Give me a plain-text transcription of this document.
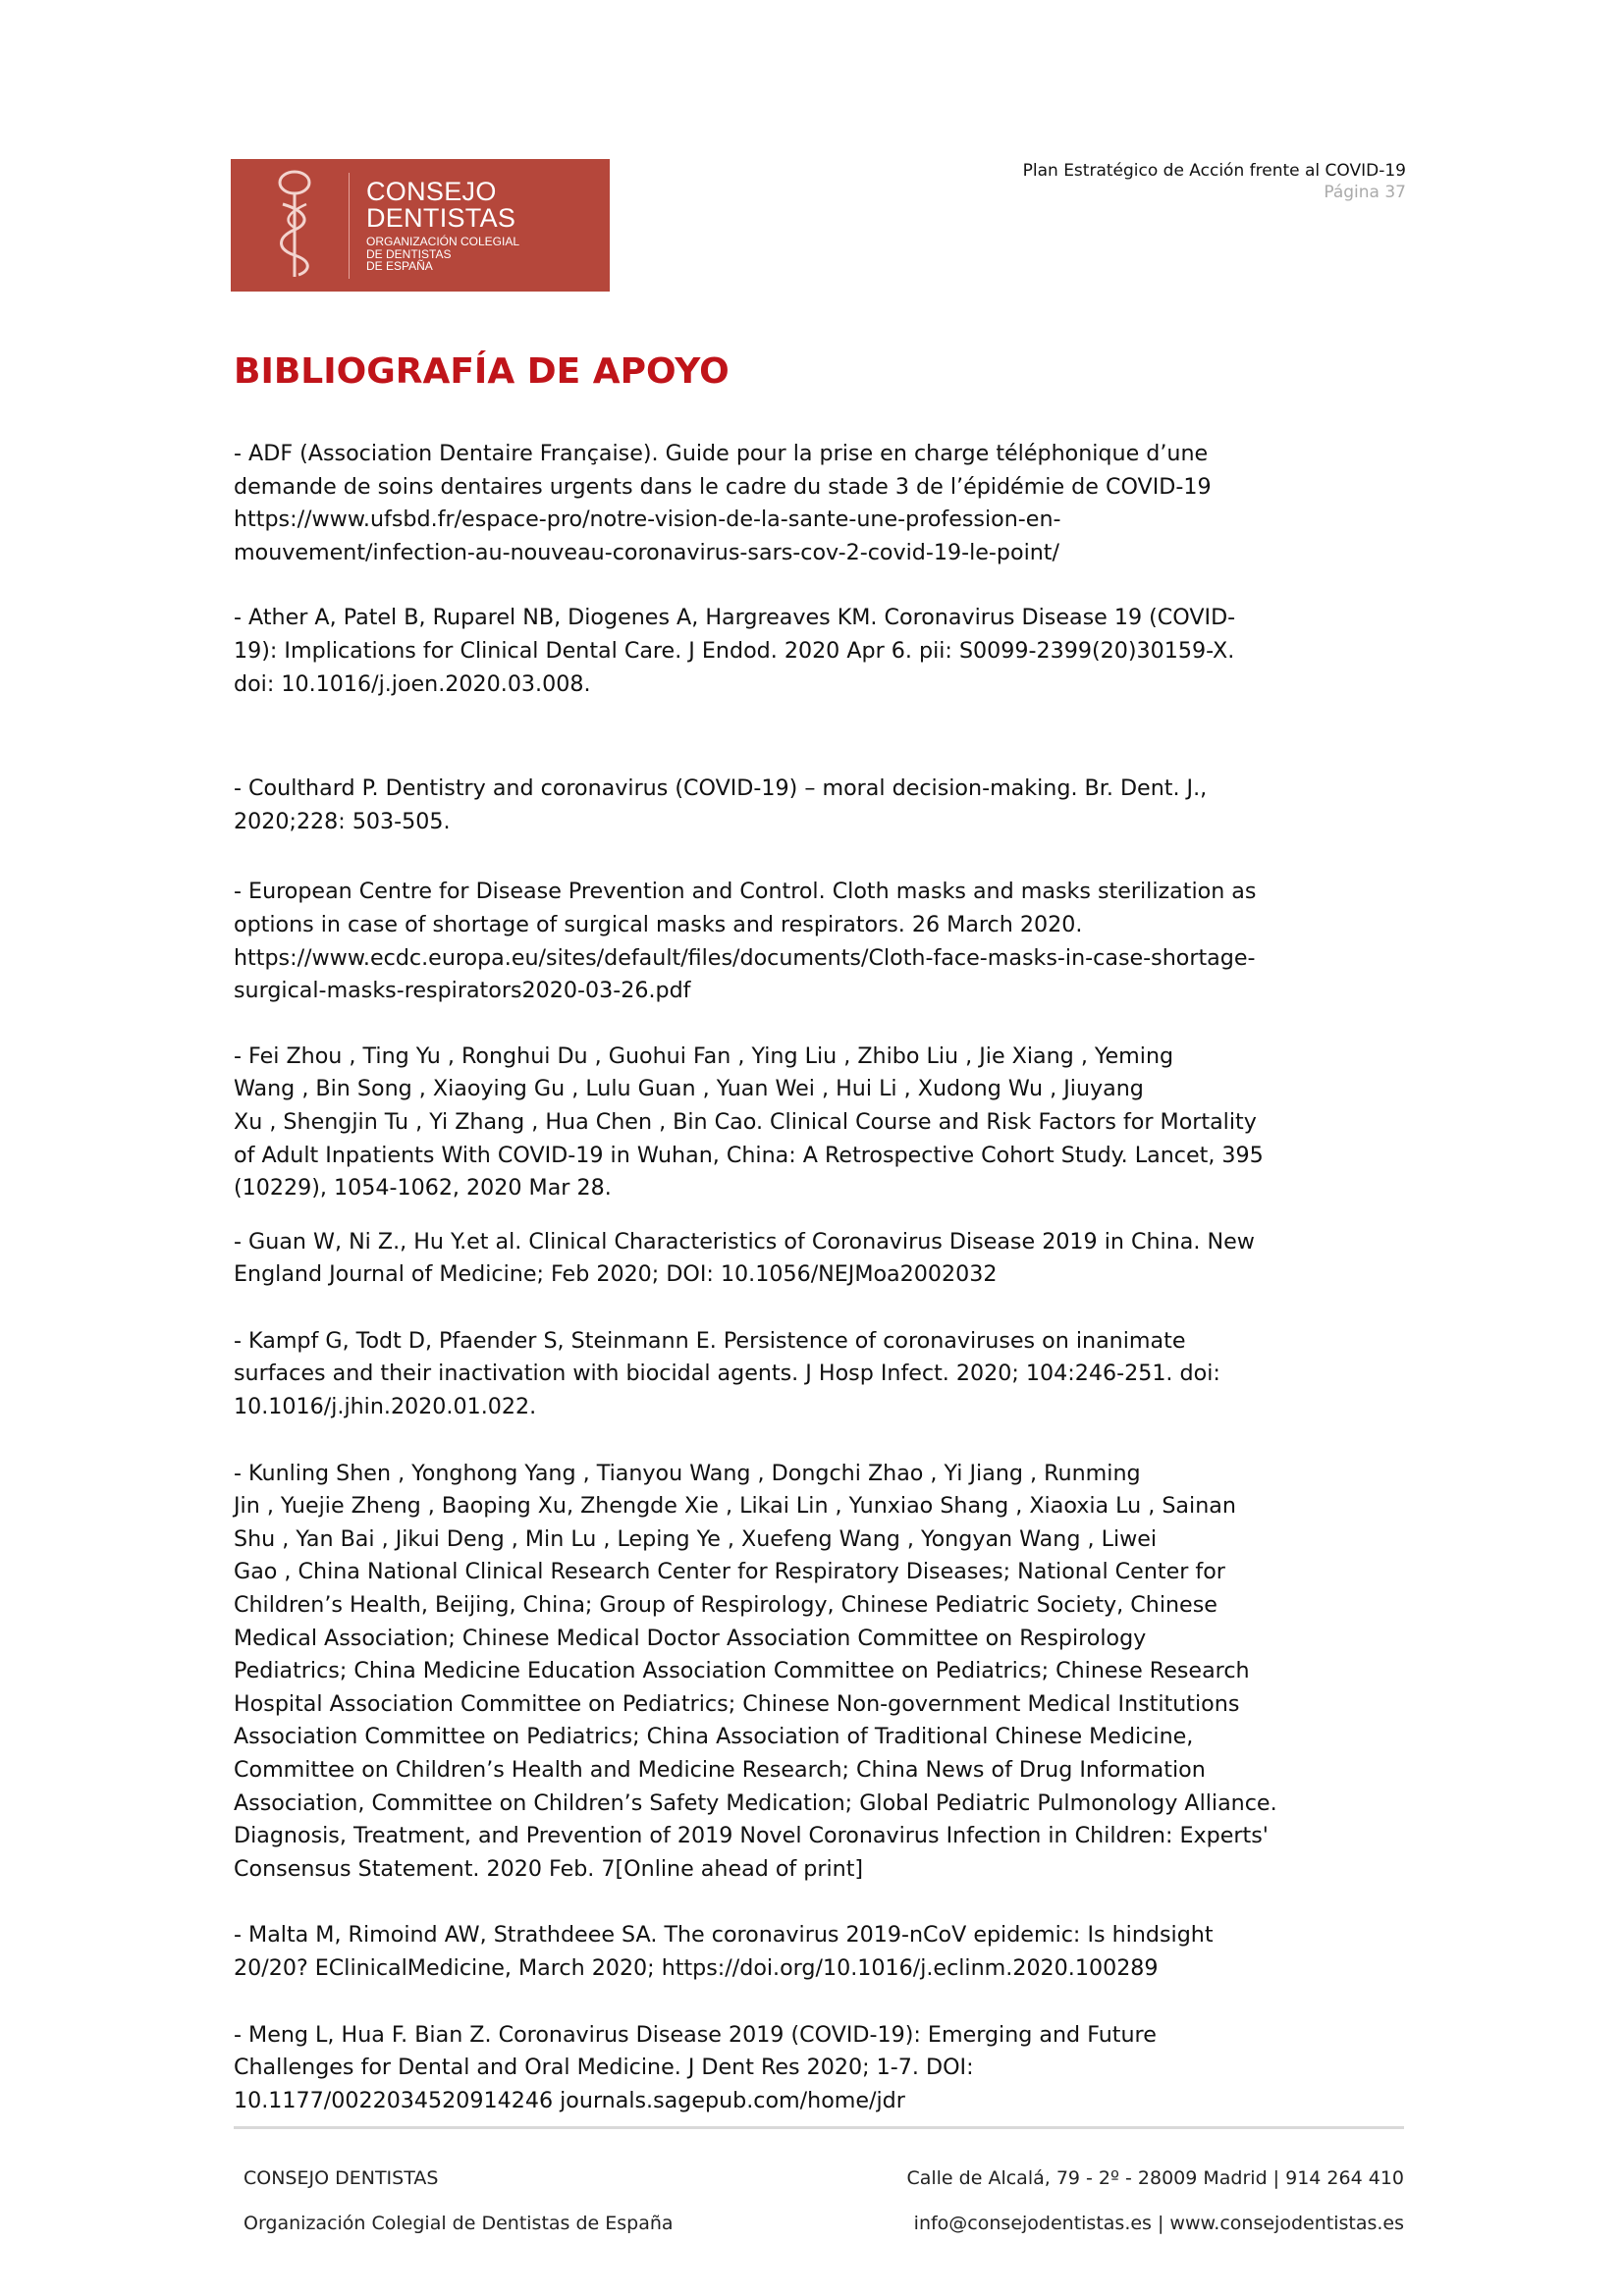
CONSEJO
DENTISTAS
ORGANIZACIÓN COLEGIAL
DE DENTISTAS
DE ESPAÑA
Plan Estratégico de Acción frente al COVID-19
Página 37
BIBLIOGRAFÍA DE APOYO

- ADF (Association Dentaire Française). Guide pour la prise en charge téléphonique d’une
demande de soins dentaires urgents dans le cadre du stade 3 de l’épidémie de COVID-19
https://www.ufsbd.fr/espace-pro/notre-vision-de-la-sante-une-profession-en-
mouvement/infection-au-nouveau-coronavirus-sars-cov-2-covid-19-le-point/

- Ather A, Patel B, Ruparel NB, Diogenes A, Hargreaves KM. Coronavirus Disease 19 (COVID-
19): Implications for Clinical Dental Care. J Endod. 2020 Apr 6. pii: S0099-2399(20)30159-X.
doi: 10.1016/j.joen.2020.03.008.

- Coulthard P. Dentistry and coronavirus (COVID-19) – moral decision-making. Br. Dent. J.,
2020;228: 503-505.

- European Centre for Disease Prevention and Control. Cloth masks and masks sterilization as
options in case of shortage of surgical masks and respirators. 26 March 2020.
https://www.ecdc.europa.eu/sites/default/files/documents/Cloth-face-masks-in-case-shortage-
surgical-masks-respirators2020-03-26.pdf

- Fei Zhou , Ting Yu , Ronghui Du , Guohui Fan , Ying Liu , Zhibo Liu , Jie Xiang , Yeming
Wang , Bin Song , Xiaoying Gu , Lulu Guan , Yuan Wei , Hui Li , Xudong Wu , Jiuyang
Xu , Shengjin Tu , Yi Zhang , Hua Chen , Bin Cao. Clinical Course and Risk Factors for Mortality
of Adult Inpatients With COVID-19 in Wuhan, China: A Retrospective Cohort Study. Lancet, 395
(10229), 1054-1062, 2020 Mar 28.

- Guan W, Ni Z., Hu Y.et al. Clinical Characteristics of Coronavirus Disease 2019 in China. New
England Journal of Medicine; Feb 2020; DOI: 10.1056/NEJMoa2002032

- Kampf G, Todt D, Pfaender S, Steinmann E. Persistence of coronaviruses on inanimate
surfaces and their inactivation with biocidal agents. J Hosp Infect. 2020; 104:246-251. doi:
10.1016/j.jhin.2020.01.022.

- Kunling Shen , Yonghong Yang , Tianyou Wang , Dongchi Zhao , Yi Jiang , Runming
Jin , Yuejie Zheng , Baoping Xu, Zhengde Xie , Likai Lin , Yunxiao Shang , Xiaoxia Lu , Sainan
Shu , Yan Bai , Jikui Deng , Min Lu , Leping Ye , Xuefeng Wang , Yongyan Wang , Liwei
Gao , China National Clinical Research Center for Respiratory Diseases; National Center for
Children’s Health, Beijing, China; Group of Respirology, Chinese Pediatric Society, Chinese
Medical Association; Chinese Medical Doctor Association Committee on Respirology
Pediatrics; China Medicine Education Association Committee on Pediatrics; Chinese Research
Hospital Association Committee on Pediatrics; Chinese Non-government Medical Institutions
Association Committee on Pediatrics; China Association of Traditional Chinese Medicine,
Committee on Children’s Health and Medicine Research; China News of Drug Information
Association, Committee on Children’s Safety Medication; Global Pediatric Pulmonology Alliance.
Diagnosis, Treatment, and Prevention of 2019 Novel Coronavirus Infection in Children: Experts'
Consensus Statement. 2020 Feb. 7[Online ahead of print]

- Malta M, Rimoind AW, Strathdeee SA. The coronavirus 2019-nCoV epidemic: Is hindsight
20/20? EClinicalMedicine, March 2020; https://doi.org/10.1016/j.eclinm.2020.100289

- Meng L, Hua F. Bian Z. Coronavirus Disease 2019 (COVID-19): Emerging and Future
Challenges for Dental and Oral Medicine. J Dent Res 2020; 1-7. DOI:
10.1177/0022034520914246 journals.sagepub.com/home/jdr

CONSEJO DENTISTAS
Organización Colegial de Dentistas de España
Calle de Alcalá, 79 - 2º - 28009 Madrid | 914 264 410
info@consejodentistas.es | www.consejodentistas.es
